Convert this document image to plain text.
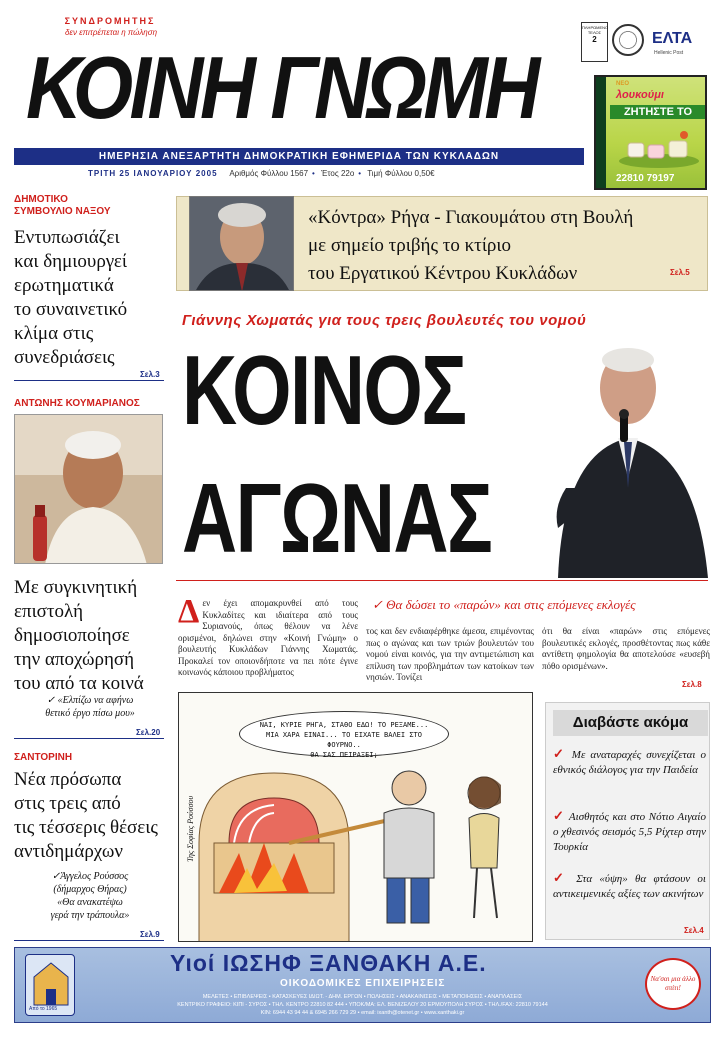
ΣΥΝΔΡΟΜΗΤΗΣ
δεν επιτρέπεται η πώληση
ΚΟΙΝΗ ΓΝΩΜΗ
ΗΜΕΡΗΣΙΑ ΑΝΕΞΑΡΤΗΤΗ ΔΗΜΟΚΡΑΤΙΚΗ ΕΦΗΜΕΡΙΔΑ ΤΩΝ ΚΥΚΛΑΔΩΝ
ΤΡΙΤΗ 25 ΙΑΝΟΥΑΡΙΟΥ 2005 Αριθμός Φύλλου 1567 • Έτος 22ο • Τιμή Φύλλου 0,50€
ΠΛΗΡΩΜΕΝΟ
ΤΕΛΟΣ
2	ΕΛΤΑ
Hellenic Post
ΝΕΟ
λουκούμι
ΖΗΤΗΣΤΕ ΤΟ
22810 79197
ΔΗΜΟΤΙΚΟ
ΣΥΜΒΟΥΛΙΟ ΝΑΞΟΥ
Εντυπωσιάζει
και δημιουργεί
ερωτηματικά
το συναινετικό
κλίμα στις
συνεδριάσεις
Σελ.3
ΑΝΤΩΝΗΣ ΚΟΥΜΑΡΙΑΝΟΣ
Με συγκινητική
επιστολή
δημοσιοποίησε
την αποχώρησή
του από τα κοινά
✓ «Ελπίζω να αφήνω
θετικό έργο πίσω μου»
Σελ.20
ΣΑΝΤΟΡΙΝΗ
Νέα πρόσωπα
στις τρεις από
τις τέσσερις θέσεις
αντιδημάρχων
✓Άγγελος Ρούσσος
(δήμαρχος Θήρας)
«Θα ανακατέψω
γερά την τράπουλα»
Σελ.9
«Κόντρα» Ρήγα - Γιακουμάτου στη Βουλή
με σημείο τριβής το κτίριο
του Εργατικού Κέντρου Κυκλάδων	Σελ.5
Γιάννης Χωματάς για τους τρεις βουλευτές του νομού
ΚΟΙΝΟΣ
ΑΓΩΝΑΣ
✓ Θα δώσει το «παρών» και στις επόμενες εκλογές
Δεν έχει απομακρυνθεί από τους Κυκλαδίτες και ιδιαίτερα από τους Συριανούς, όπως θέλουν να λένε ορισμένοι, δηλώνει στην «Κοινή Γνώμη» ο βουλευτής Κυκλάδων Γιάννης Χωματάς. Προκαλεί τον οποιονδήποτε να πει πότε έγινε κοινωνός κάποιου προβλήματος
τος και δεν ενδιαφέρθηκε άμεσα, επιμένοντας πως ο αγώνας και των τριών βουλευτών του νομού είναι κοινός, για την αντιμετώπιση και επίλυση των προβλημάτων των κατοίκων των νησιών. Τονίζει
ότι θα είναι «παρών» στις επόμενες βουλευτικές εκλογές, προσθέτοντας πως κάθε αντίθετη φημολογία θα αποτελούσε «ευσεβή πόθο ορισμένων».
Σελ.8
ΝΑΙ, ΚΥΡΙΕ ΡΗΓΑ, ΣΤΑΘΟ ΕΔΩ! ΤΟ ΡΕΞΑΜΕ...
ΜΙΑ ΧΑΡΑ ΕΙΝΑΙ... ΤΟ ΕΙΧΑΤΕ ΒΑΛΕΙ ΣΤΟ ΦΟΥΡΝΟ..
ΘΑ ΣΑΣ ΠΕΙΡΑΞΕΙ;
Της Σοφίας Ρούσσου
Διαβάστε ακόμα
✓ Με αναταραχές συνεχίζεται ο εθνικός διάλογος για την Παιδεία
✓ Αισθητός και στο Νότιο Αιγαίο ο χθεσινός σεισμός 5,5 Ρίχτερ στην Τουρκία
✓ Στα «ύψη» θα φτάσουν οι αντικειμενικές αξίες των ακινήτων
Σελ.4
Από το 1965
Υιοί ΙΩΣΗΦ ΞΑΝΘΑΚΗ Α.Ε.
ΟΙΚΟΔΟΜΙΚΕΣ ΕΠΙΧΕΙΡΗΣΕΙΣ
ΜΕΛΕΤΕΣ • ΕΠΙΒΛΕΨΕΙΣ • ΚΑΤΑΣΚΕΥΕΣ ΙΔΙΩΤ. - ΔΗΜ. ΕΡΓΩΝ • ΠΩΛΗΣΕΙΣ • ΑΝΑΚΑΙΝΙΣΕΙΣ • ΜΕΤΑΠΟΙΗΣΕΙΣ • ΑΝΑΠΛΑΣΕΙΣ
ΚΕΝΤΡΙΚΟ ΓΡΑΦΕΙΟ: ΚΙΠΙ - ΣΥΡΟΣ • ΤΗΛ. ΚΕΝΤΡΟ 22810 82 444 • ΥΠΟΚ/ΜΑ: ΕΛ. ΒΕΝΙΖΕΛΟΥ 20 ΕΡΜΟΥΠΟΛΗ ΣΥΡΟΣ • ΤΗΛ./FAX: 22810 79144
ΚΙΝ: 6944 43 94 44 & 6945 266 729 29 • email: ixanth@otenet.gr • www.xanthaki.gr
Να'σαι μια άλλο σπίτι!
